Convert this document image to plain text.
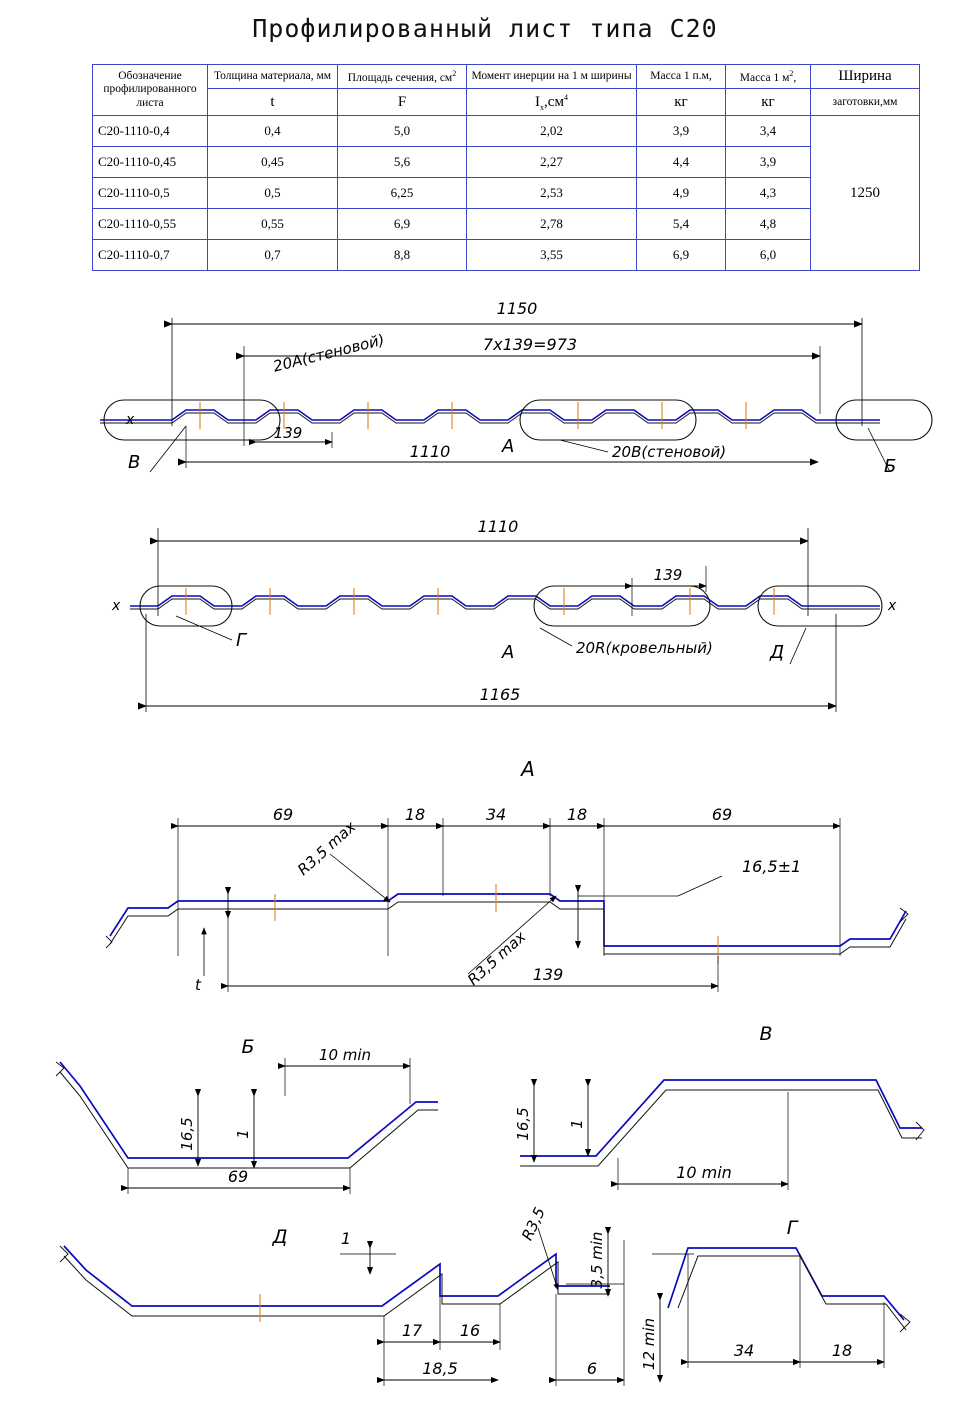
Профилированный лист типа С20
Обозначение профилированного листа	Толщина материала, мм	Площадь сечения, $см^2$	Момент инерции на 1 м ширины	Масса 1 п.м,	Масса 1 $м^2$,	Ширина
	t	F	$I_x,см^4$	кг	кг	заготовки,мм
С20-1110-0,4	0,4	5,0	2,02	3,9	3,4	1250
С20-1110-0,45	0,45	5,6	2,27	4,4	3,9	
С20-1110-0,5	0,5	6,25	2,53	4,9	4,3	
С20-1110-0,55	0,55	6,9	2,78	5,4	4,8	
С20-1110-0,7	0,7	8,8	3,55	6,9	6,0	
1150
7x139=973
20А(стеновой)
x
139
1110
В	Б
А	20В(стеновой)
1110
x	x
139
Г
А	20R(кровельный)	Д
1165
А
69	18	34	18	69
t
R3,5 max
R3,5 max
16,5±1
139
Б	10 min
16,5	1
69
В
16,5 1
10 min
Д	1
17 16
18,5	6
R3,5
3,5 min
Г
12 min	34	18
